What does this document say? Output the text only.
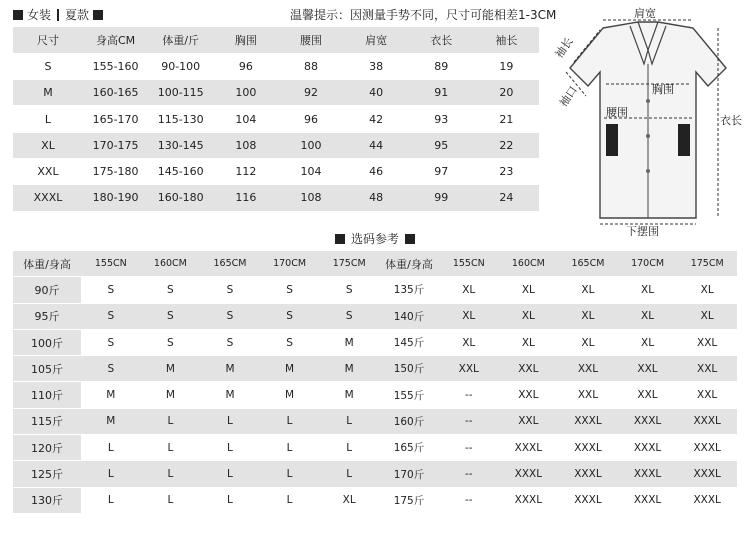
女装 夏款	温馨提示：因测量手势不同，尺寸可能相差1-3CM
尺寸	身高CM	体重/斤	胸围	腰围	肩宽	衣长	袖长
S	155-160	90-100	96	88	38	89	19
M	160-165	100-115	100	92	40	91	20
L	165-170	115-130	104	96	42	93	21
XL	170-175	130-145	108	100	44	95	22
XXL	175-180	145-160	112	104	46	97	23
XXXL	180-190	160-180	116	108	48	99	24
肩宽
胸围
腰围
衣长
下摆围
袖长
袖口
选码参考
体重/身高	155CN	160CM	165CM	170CM	175CM	体重/身高	155CN	160CM	165CM	170CM	175CM
90斤	S	S	S	S	S	135斤	XL	XL	XL	XL	XL
95斤	S	S	S	S	S	140斤	XL	XL	XL	XL	XL
100斤	S	S	S	S	M	145斤	XL	XL	XL	XL	XXL
105斤	S	M	M	M	M	150斤	XXL	XXL	XXL	XXL	XXL
110斤	M	M	M	M	M	155斤	--	XXL	XXL	XXL	XXL
115斤	M	L	L	L	L	160斤	--	XXL	XXXL	XXXL	XXXL
120斤	L	L	L	L	L	165斤	--	XXXL	XXXL	XXXL	XXXL
125斤	L	L	L	L	L	170斤	--	XXXL	XXXL	XXXL	XXXL
130斤	L	L	L	L	XL	175斤	--	XXXL	XXXL	XXXL	XXXL
